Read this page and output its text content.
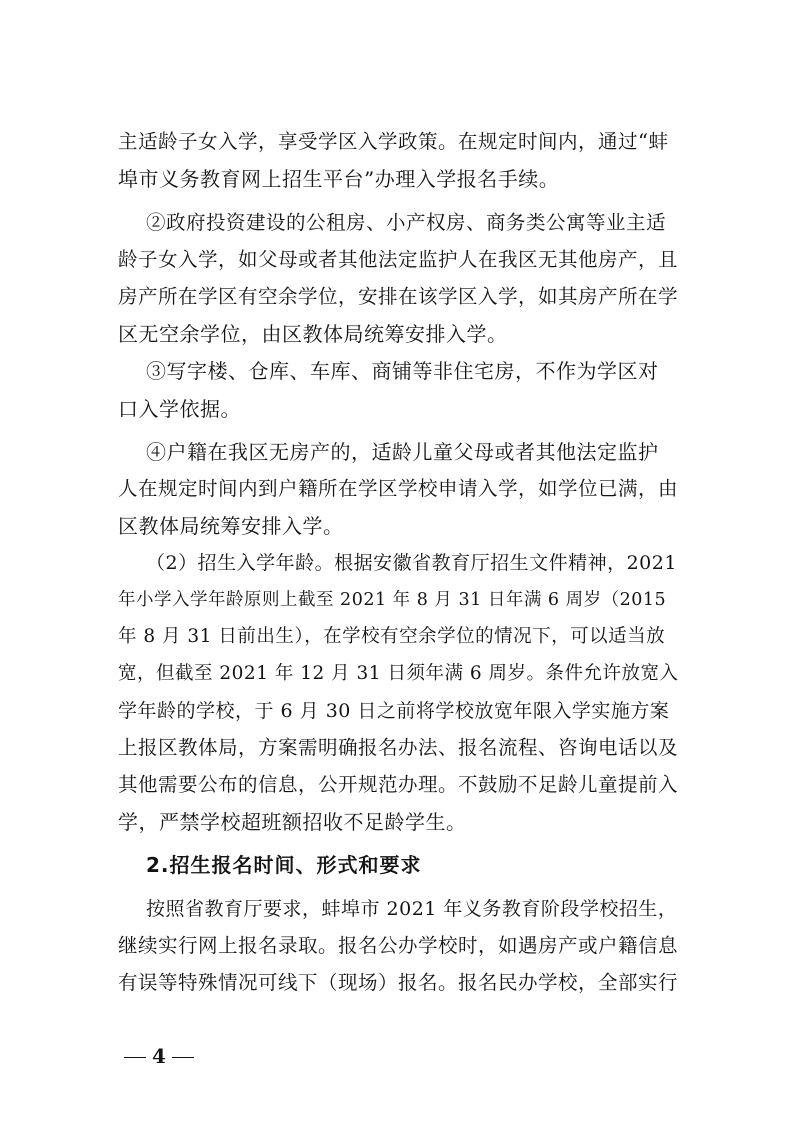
主适龄子女入学，享受学区入学政策。在规定时间内，通过“蚌
埠市义务教育网上招生平台”办理入学报名手续。
②政府投资建设的公租房、小产权房、商务类公寓等业主适
龄子女入学，如父母或者其他法定监护人在我区无其他房产，且
房产所在学区有空余学位，安排在该学区入学，如其房产所在学
区无空余学位，由区教体局统筹安排入学。
③写字楼、仓库、车库、商铺等非住宅房，不作为学区对
口入学依据。
④户籍在我区无房产的，适龄儿童父母或者其他法定监护
人在规定时间内到户籍所在学区学校申请入学，如学位已满，由
区教体局统筹安排入学。
（2）招生入学年龄。根据安徽省教育厅招生文件精神，2021
年小学入学年龄原则上截至 2021 年 8 月 31 日年满 6 周岁（2015
年 8 月 31 日前出生），在学校有空余学位的情况下，可以适当放
宽，但截至 2021 年 12 月 31 日须年满 6 周岁。条件允许放宽入
学年龄的学校，于 6 月 30 日之前将学校放宽年限入学实施方案
上报区教体局，方案需明确报名办法、报名流程、咨询电话以及
其他需要公布的信息，公开规范办理。不鼓励不足龄儿童提前入
学，严禁学校超班额招收不足龄学生。
2.招生报名时间、形式和要求
按照省教育厅要求，蚌埠市 2021 年义务教育阶段学校招生，
继续实行网上报名录取。报名公办学校时，如遇房产或户籍信息
有误等特殊情况可线下（现场）报名。报名民办学校，全部实行
4
